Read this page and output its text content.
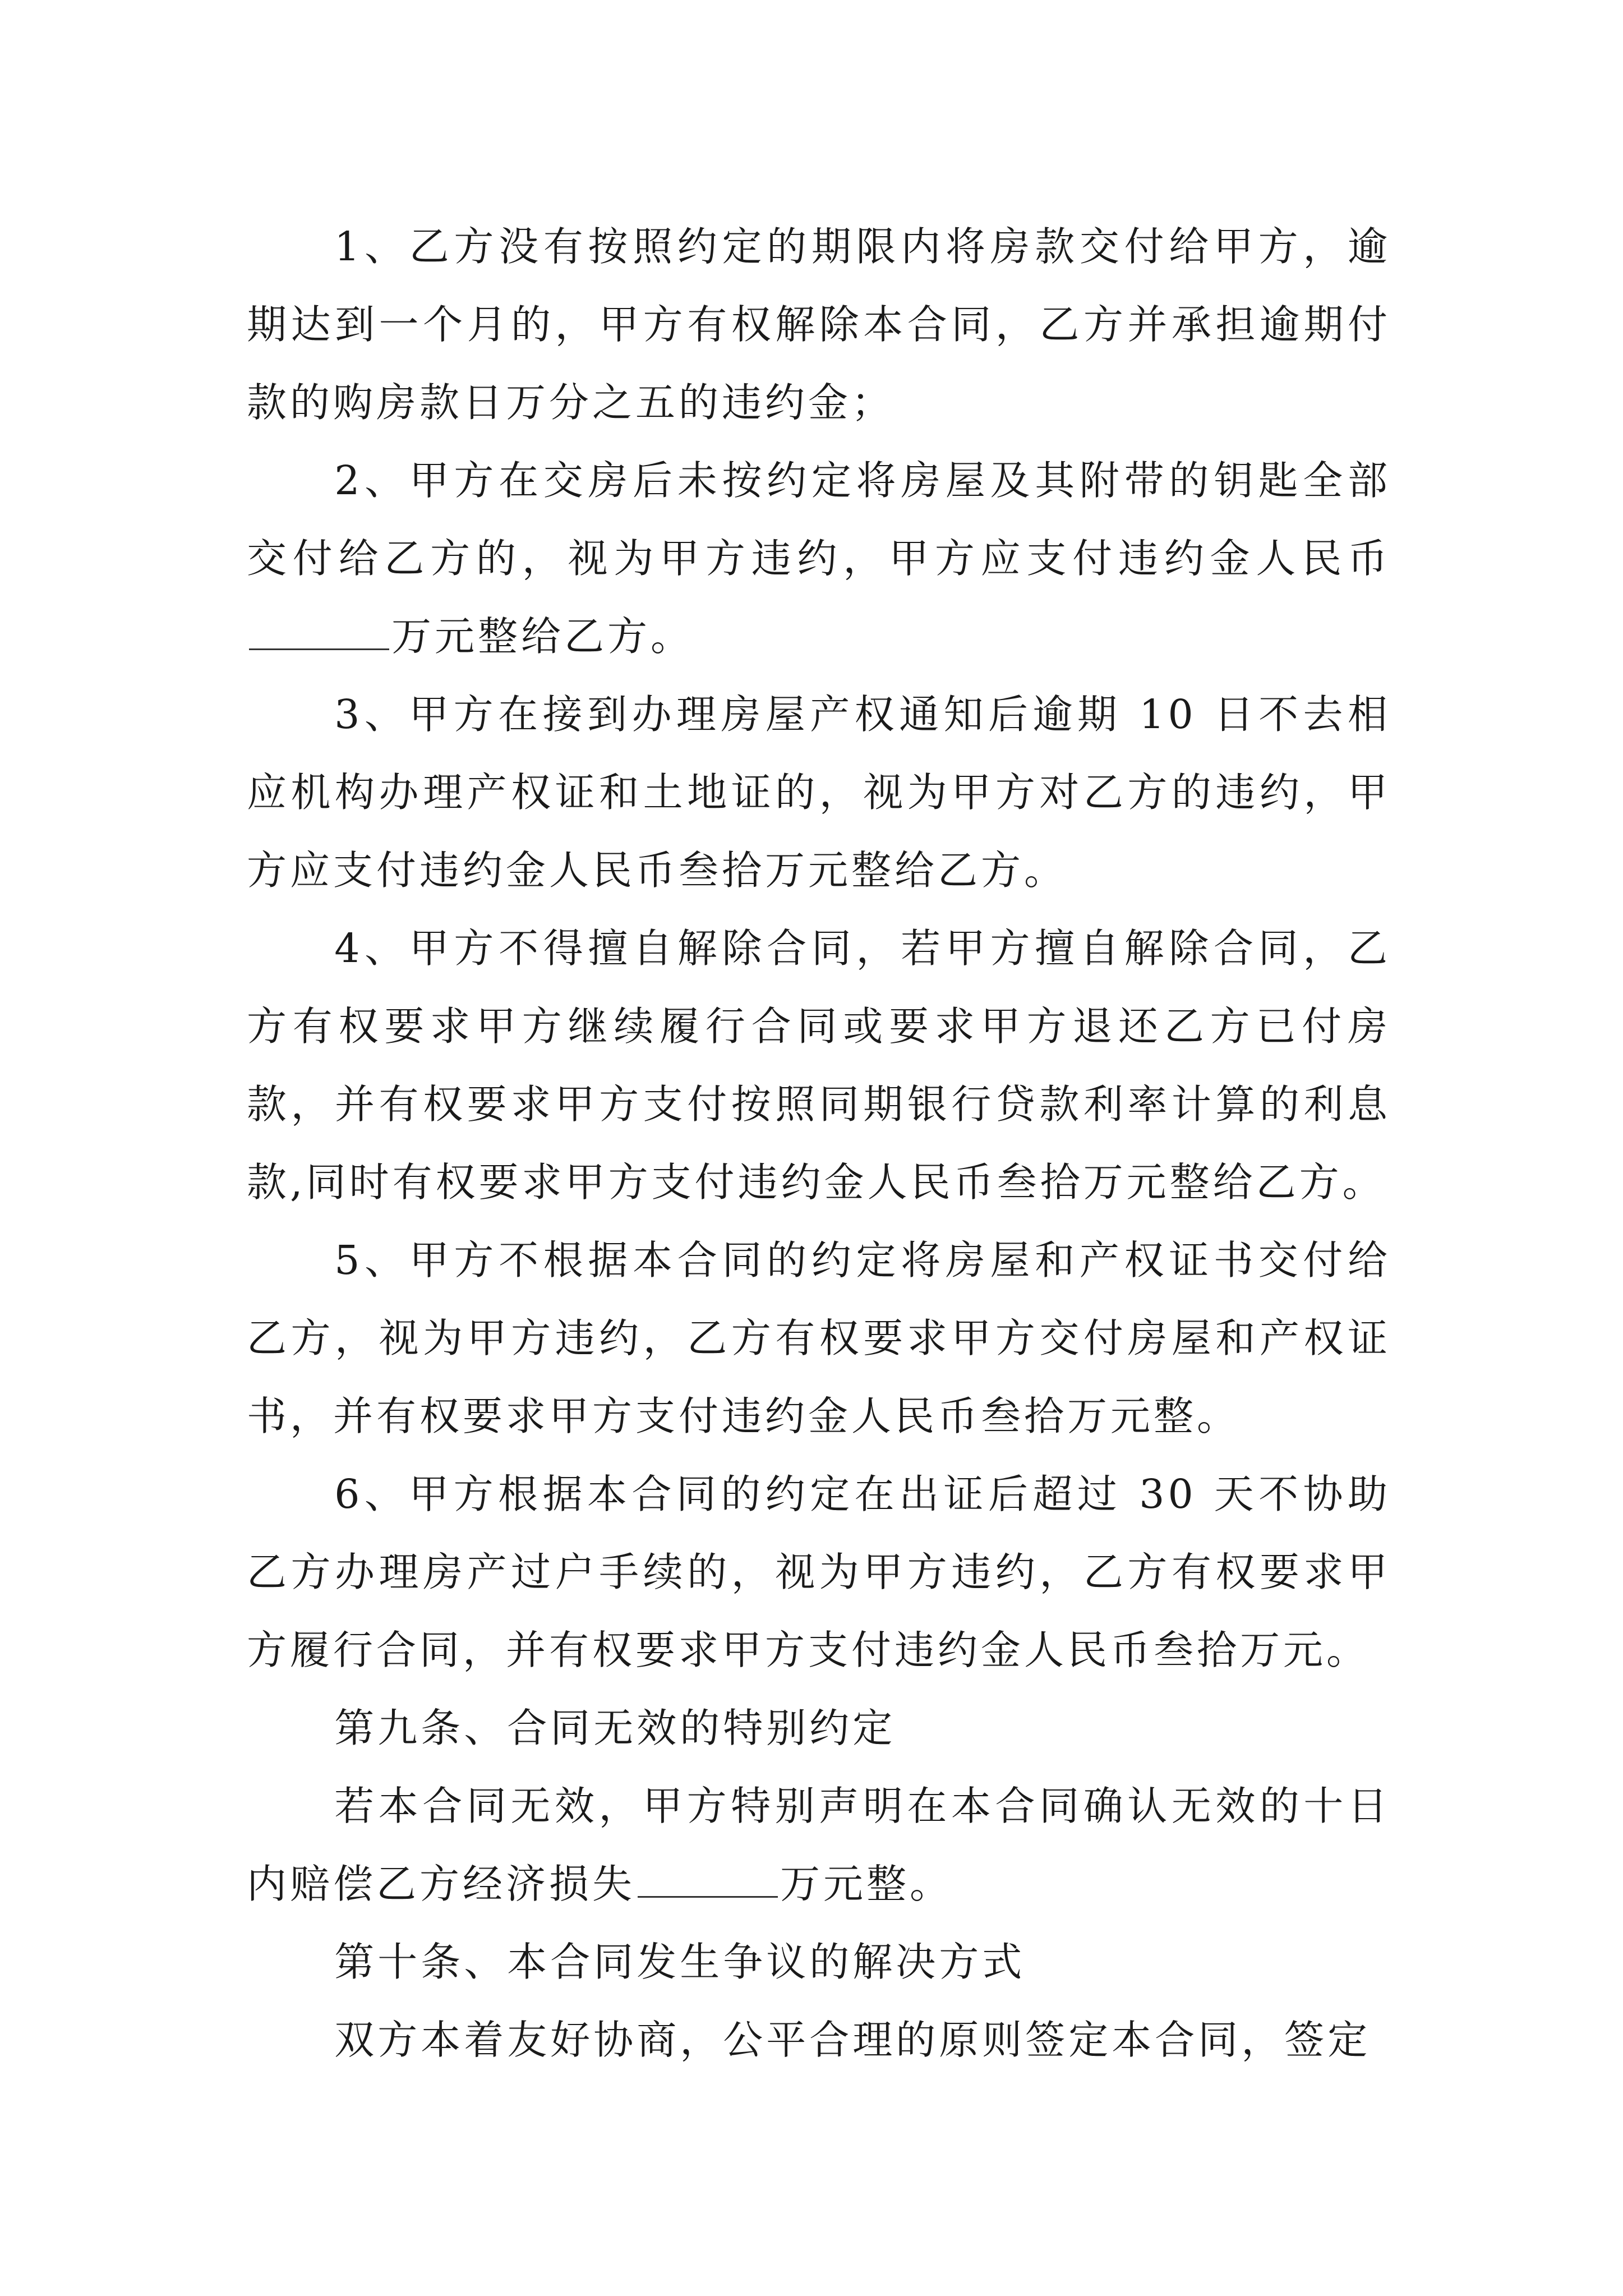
1、乙方没有按照约定的期限内将房款交付给甲方，逾期达到一个月的，甲方有权解除本合同，乙方并承担逾期付款的购房款日万分之五的违约金；

2、甲方在交房后未按约定将房屋及其附带的钥匙全部交付给乙方的，视为甲方违约，甲方应支付违约金人民币万元整给乙方。

3、甲方在接到办理房屋产权通知后逾期 10 日不去相应机构办理产权证和土地证的，视为甲方对乙方的违约，甲方应支付违约金人民币叁拾万元整给乙方。

4、甲方不得擅自解除合同，若甲方擅自解除合同，乙方有权要求甲方继续履行合同或要求甲方退还乙方已付房款，并有权要求甲方支付按照同期银行贷款利率计算的利息款,同时有权要求甲方支付违约金人民币叁拾万元整给乙方。

5、甲方不根据本合同的约定将房屋和产权证书交付给乙方，视为甲方违约，乙方有权要求甲方交付房屋和产权证书，并有权要求甲方支付违约金人民币叁拾万元整。

6、甲方根据本合同的约定在出证后超过 30 天不协助乙方办理房产过户手续的，视为甲方违约，乙方有权要求甲方履行合同，并有权要求甲方支付违约金人民币叁拾万元。

第九条、合同无效的特别约定

若本合同无效，甲方特别声明在本合同确认无效的十日内赔偿乙方经济损失	万元整。

第十条、本合同发生争议的解决方式

双方本着友好协商，公平合理的原则签定本合同，签定
